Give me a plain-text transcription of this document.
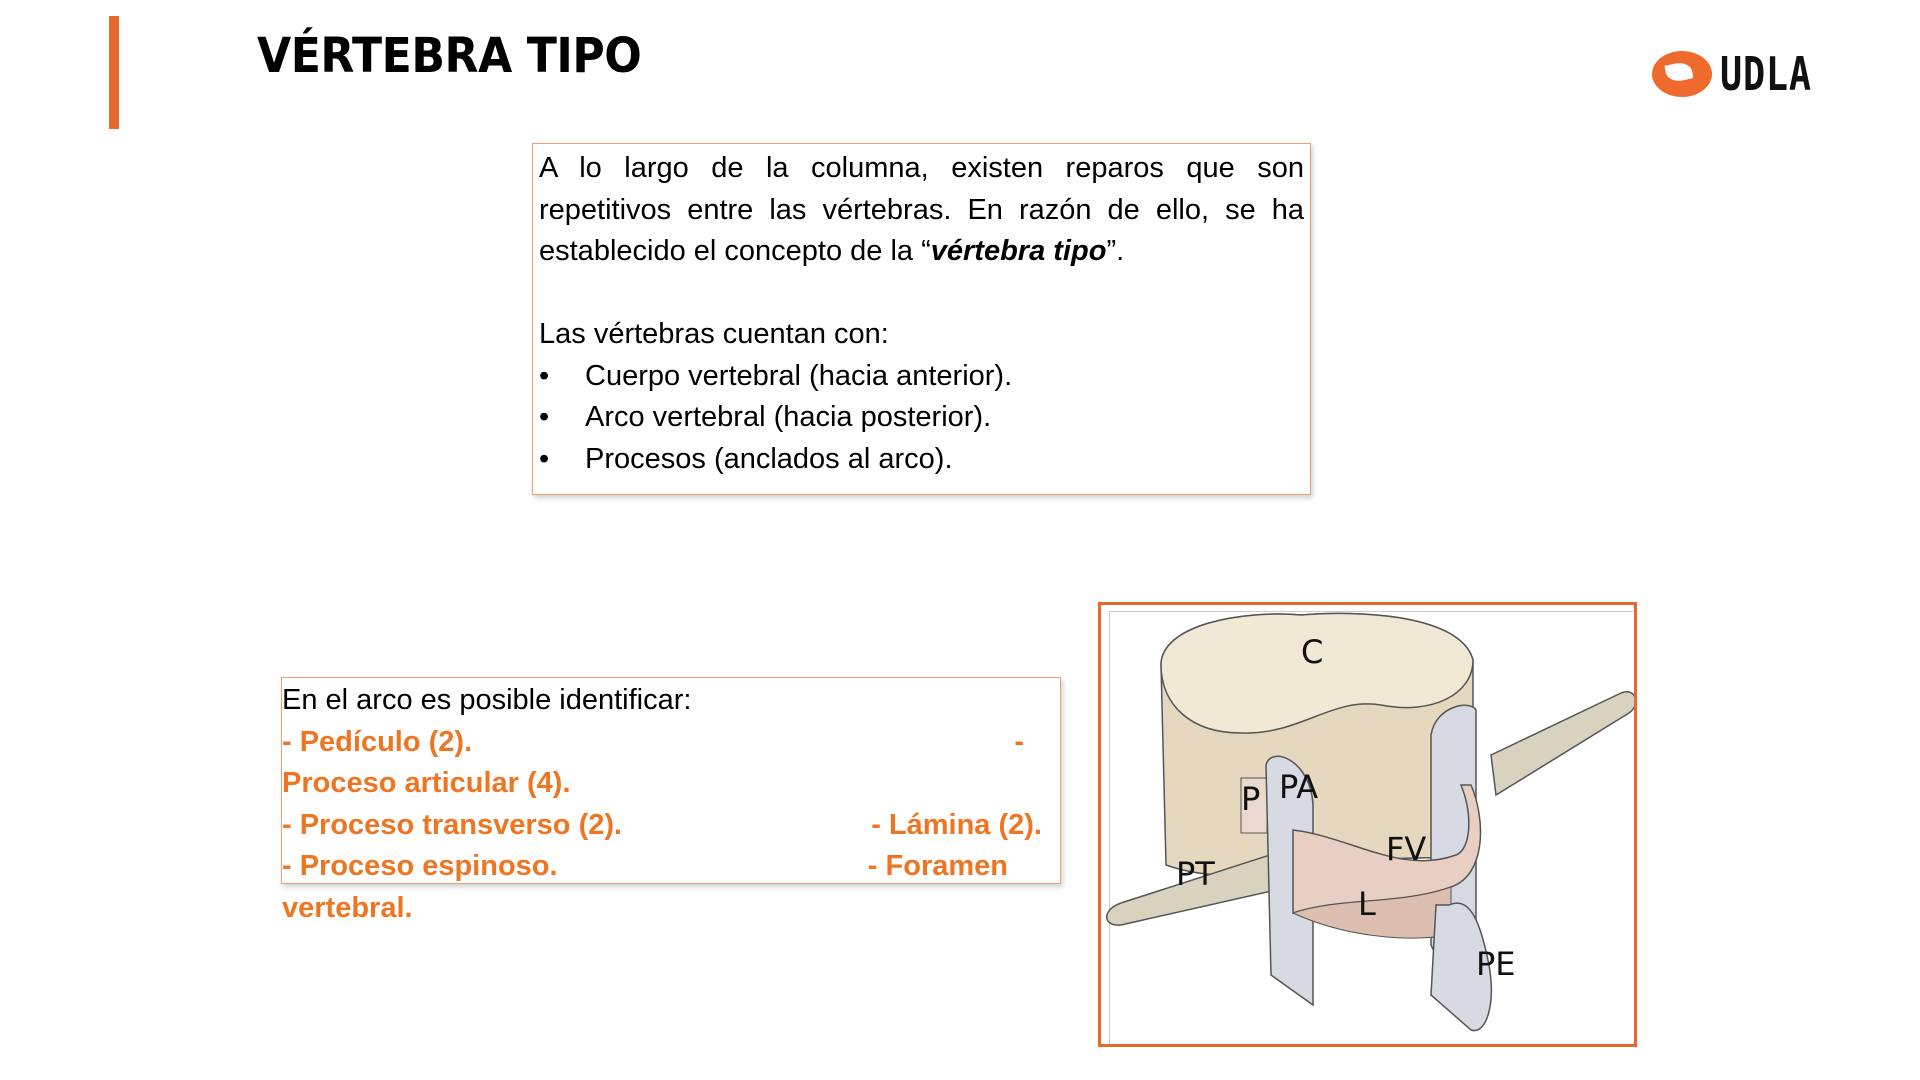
VÉRTEBRA TIPO	UDLA

A lo largo de la columna, existen reparos que son repetitivos entre las vértebras. En razón de ello, se ha establecido el concepto de la “vértebra tipo”.

Las vértebras cuentan con:
• Cuerpo vertebral (hacia anterior).
• Arco vertebral (hacia posterior).
• Procesos (anclados al arco).
En el arco es posible identificar:
- Pedículo (2).	-
Proceso articular (4).
- Proceso transverso (2).	- Lámina (2).
- Proceso espinoso.	- Foramen
vertebral.
C
P PA
FV
PT
L
PE
